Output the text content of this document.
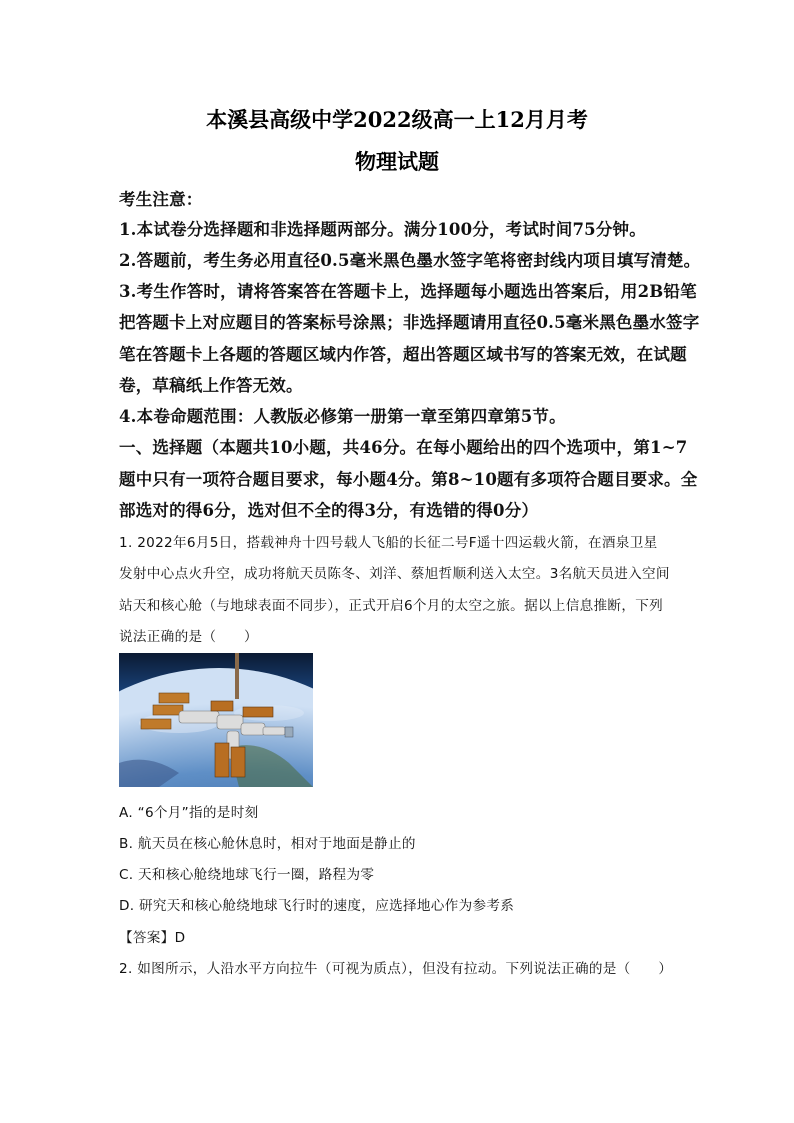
本溪县高级中学2022级高一上12月月考
物理试题
考生注意：
1.本试卷分选择题和非选择题两部分。满分100分，考试时间75分钟。
2.答题前，考生务必用直径0.5毫米黑色墨水签字笔将密封线内项目填写清楚。
3.考生作答时，请将答案答在答题卡上，选择题每小题选出答案后，用2B铅笔
把答题卡上对应题目的答案标号涂黑；非选择题请用直径0.5毫米黑色墨水签字
笔在答题卡上各题的答题区域内作答，超出答题区域书写的答案无效，在试题
卷，草稿纸上作答无效。
4.本卷命题范围：人教版必修第一册第一章至第四章第5节。
一、选择题（本题共10小题，共46分。在每小题给出的四个选项中，第1~7
题中只有一项符合题目要求，每小题4分。第8~10题有多项符合题目要求。全
部选对的得6分，选对但不全的得3分，有选错的得0分）
1. 2022年6月5日，搭载神舟十四号载人飞船的长征二号F遥十四运载火箭，在酒泉卫星
发射中心点火升空，成功将航天员陈冬、刘洋、蔡旭哲顺利送入太空。3名航天员进入空间
站天和核心舱（与地球表面不同步），正式开启6个月的太空之旅。据以上信息推断，下列
说法正确的是（　　）
A. “6个月”指的是时刻
B. 航天员在核心舱休息时，相对于地面是静止的
C. 天和核心舱绕地球飞行一圈，路程为零
D. 研究天和核心舱绕地球飞行时的速度，应选择地心作为参考系
【答案】D
2. 如图所示，人沿水平方向拉牛（可视为质点），但没有拉动。下列说法正确的是（　　）
